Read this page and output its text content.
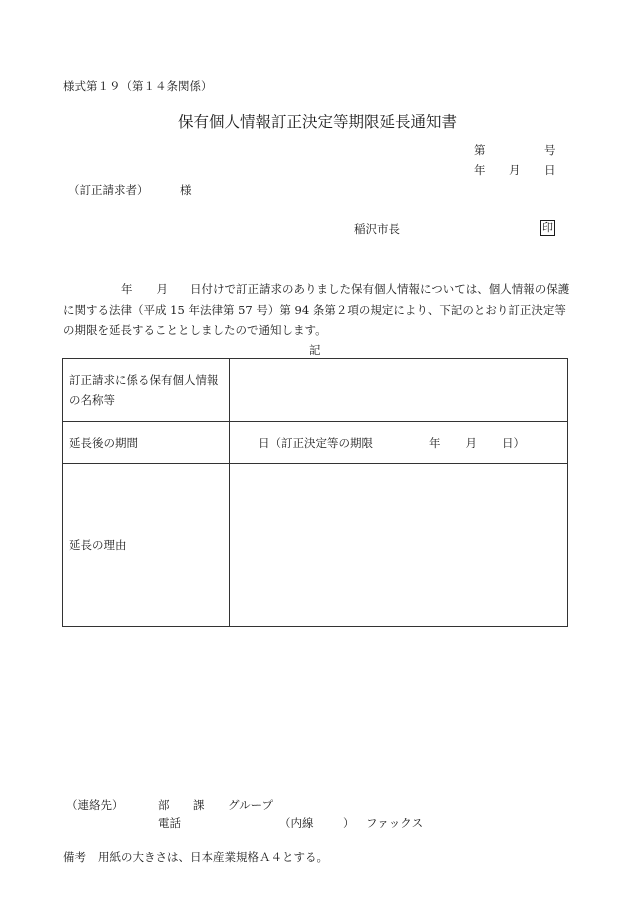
様式第１９（第１４条関係）
保有個人情報訂正決定等期限延長通知書
第	号
年 月 日
（訂正請求者）	様
稲沢市長	印
年 月 日付けで訂正請求のありました保有個人情報については、個人情報の保護に関する法律（平成 15 年法律第 57 号）第 94 条第２項の規定により、下記のとおり訂正決定等の期限を延長することとしましたので通知します。
記
訂正請求に係る保有個人情報の名称等	
延長後の期間	日（訂正決定等の期限 年 月 日）
延長の理由	
（連絡先）	部 課 グループ
電話	（内線	） ファックス
備考 用紙の大きさは、日本産業規格Ａ４とする。
